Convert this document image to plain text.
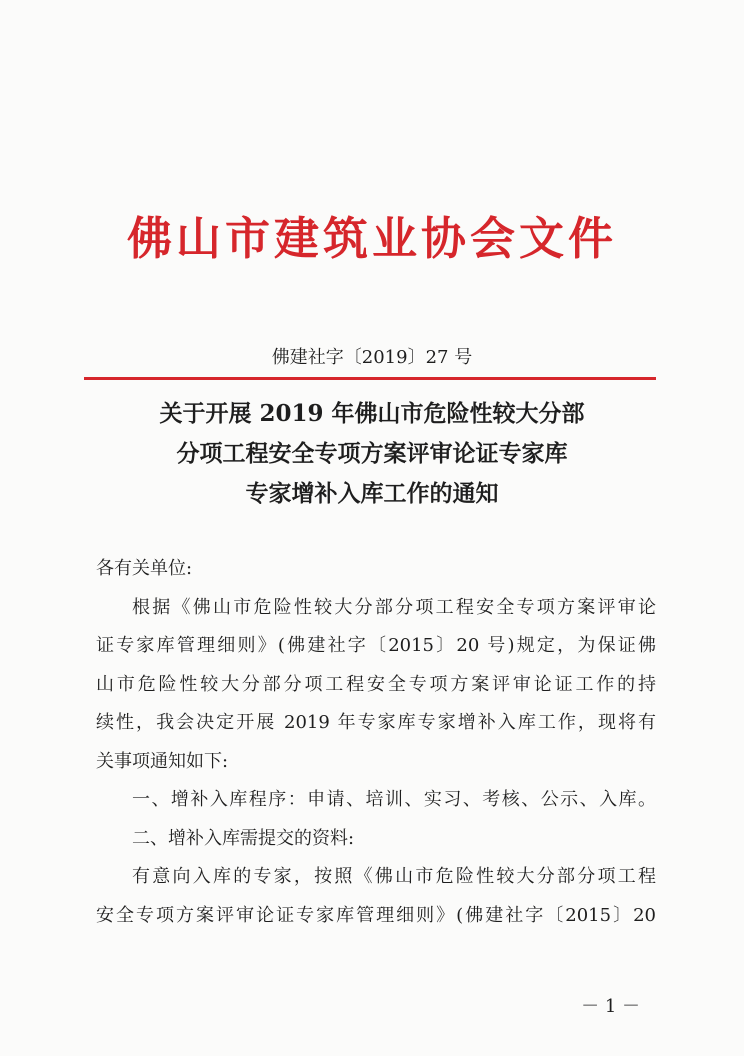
佛山市建筑业协会文件
佛建社字〔2019〕27 号
关于开展 2019 年佛山市危险性较大分部
分项工程安全专项方案评审论证专家库
专家增补入库工作的通知

各有关单位:

根据《佛山市危险性较大分部分项工程安全专项方案评审论

证专家库管理细则》(佛建社字〔2015〕20 号)规定，为保证佛

山市危险性较大分部分项工程安全专项方案评审论证工作的持

续性，我会决定开展 2019 年专家库专家增补入库工作，现将有

关事项通知如下:

一、增补入库程序：申请、培训、实习、考核、公示、入库。

二、增补入库需提交的资料:

有意向入库的专家，按照《佛山市危险性较大分部分项工程

安全专项方案评审论证专家库管理细则》(佛建社字〔2015〕20

－ 1 －
